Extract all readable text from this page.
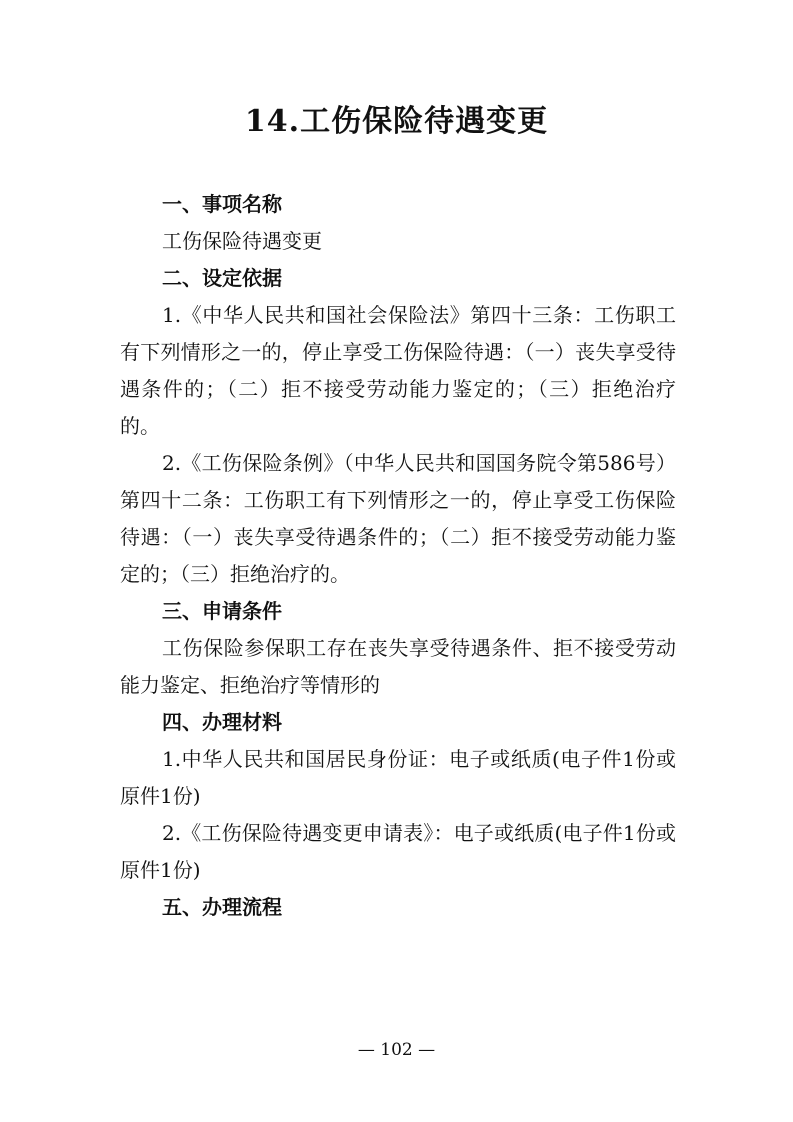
14.工伤保险待遇变更

一、事项名称

工伤保险待遇变更

二、设定依据

1.《中华人民共和国社会保险法》第四十三条：工伤职工有下列情形之一的，停止享受工伤保险待遇：（一）丧失享受待遇条件的；（二）拒不接受劳动能力鉴定的；（三）拒绝治疗的。

2.《工伤保险条例》（中华人民共和国国务院令第586号）第四十二条：工伤职工有下列情形之一的，停止享受工伤保险待遇：（一）丧失享受待遇条件的；（二）拒不接受劳动能力鉴定的；（三）拒绝治疗的。

三、申请条件

工伤保险参保职工存在丧失享受待遇条件、拒不接受劳动能力鉴定、拒绝治疗等情形的

四、办理材料

1.中华人民共和国居民身份证：电子或纸质(电子件1份或原件1份)

2.《工伤保险待遇变更申请表》：电子或纸质(电子件1份或原件1份)

五、办理流程

— 102 —
